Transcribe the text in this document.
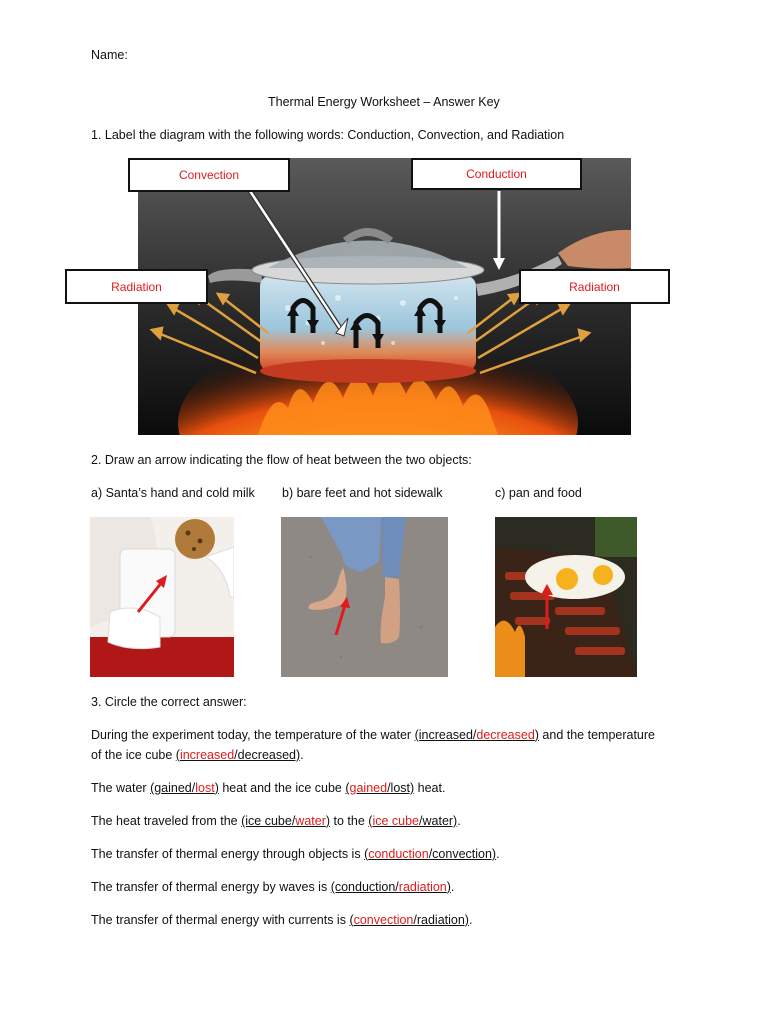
Name:
Thermal Energy Worksheet – Answer Key
1. Label the diagram with the following words: Conduction, Convection, and Radiation
Convection	Conduction
Radiation	Radiation
2. Draw an arrow indicating the flow of heat between the two objects:
a) Santa’s hand and cold milk b) bare feet and hot sidewalk	c) pan and food
3. Circle the correct answer:
During the experiment today, the temperature of the water (increased/decreased) and the temperature
of the ice cube (increased/decreased).
The water (gained/lost) heat and the ice cube (gained/lost) heat.
The heat traveled from the (ice cube/water) to the (ice cube/water).
The transfer of thermal energy through objects is (conduction/convection).
The transfer of thermal energy by waves is (conduction/radiation).
The transfer of thermal energy with currents is (convection/radiation).
